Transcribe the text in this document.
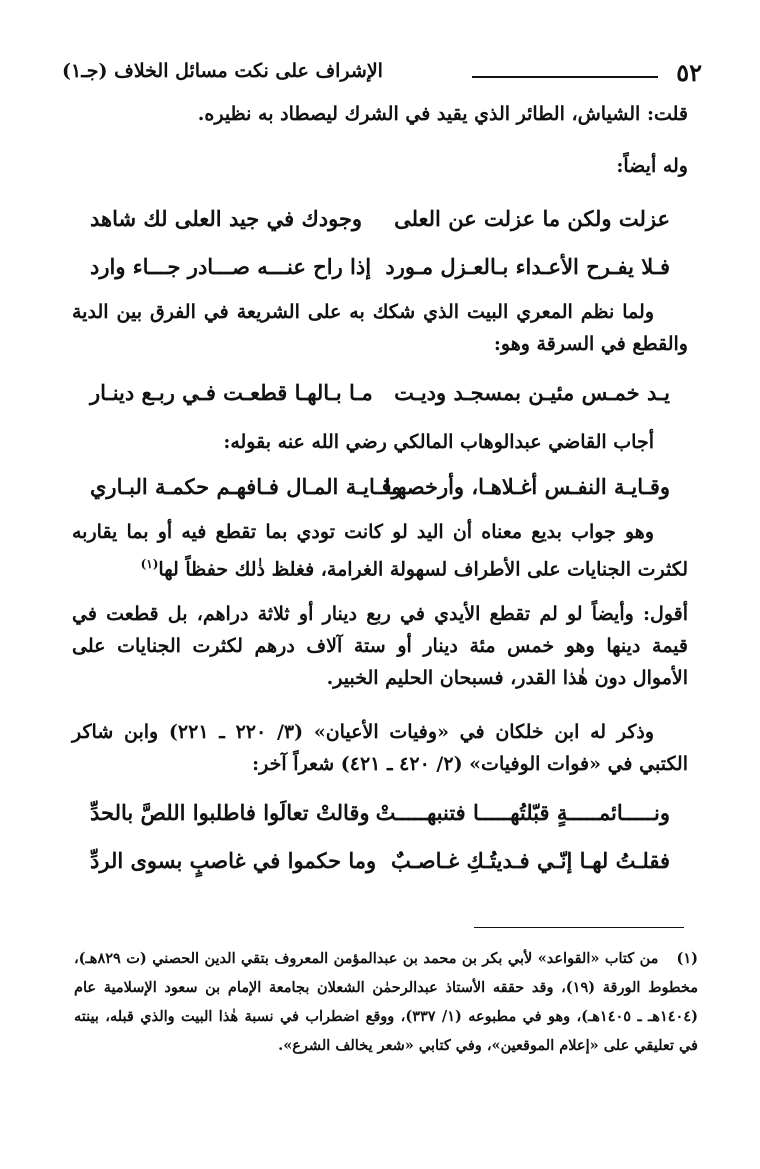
٥٢
الإشراف على نكت مسائل الخلاف (جـ١)

قلت: الشياش، الطائر الذي يقيد في الشرك ليصطاد به نظيره.

وله أيضاً:

عزلت ولكن ما عزلت عن العلى
وجودك في جيد العلى لك شاهد
فـلا يفـرح الأعـداء بـالعـزل مـورد
إذا راح عنـــه صـــادر جـــاء وارد

ولما نظم المعري البيت الذي شكك به على الشريعة في الفرق بين الدية والقطع في السرقة وهو:

يـد خمـس مئيـن بمسجـد وديـت
مـا بـالهـا قطعـت فـي ربـع دينـار

أجاب القاضي عبدالوهاب المالكي رضي الله عنه بقوله:

وقـايـة النفـس أغـلاهـا، وأرخصهـا
وقـايـة المـال فـافهـم حكمـة البـاري

وهو جواب بديع معناه أن اليد لو كانت تودي بما تقطع فيه أو بما يقاربه لكثرت الجنايات على الأطراف لسهولة الغرامة، فغلظ ذٰلك حفظاً لها$^{(١)}$

أقول: وأيضاً لو لم تقطع الأيدي في ربع دينار أو ثلاثة دراهم، بل قطعت في قيمة دينها وهو خمس مئة دينار أو ستة آلاف درهم لكثرت الجنايات على الأموال دون هٰذا القدر، فسبحان الحليم الخبير.

وذكر له ابن خلكان في «وفيات الأعيان» (٣/ ٢٢٠ ـ ٢٢١) وابن شاكر الكتبي في «فوات الوفيات» (٢/ ٤٢٠ ـ ٤٢١) شعراً آخر:

ونـــــائمـــــةٍ قبّلتُهـــــا فتنبهـــــتْ
وقالتْ تعالَوا فاطلبوا اللصَّ بالحدِّ
فقلـتُ لهـا إنّـي فـديتُـكِ غـاصـبٌ
وما حكموا في غاصبٍ بسوى الردِّ
(١)
من كتاب «القواعد» لأبي بكر بن محمد بن عبدالمؤمن المعروف بتقي الدين الحصني (ت ٨٢٩هـ)، مخطوط الورقة (١٩)، وقد حققه الأستاذ عبدالرحمٰن الشعلان بجامعة الإمام بن سعود الإسلامية عام (١٤٠٤هـ ـ ١٤٠٥هـ)، وهو في مطبوعه (١/ ٣٣٧)، ووقع اضطراب في نسبة هٰذا البيت والذي قبله، بينته في تعليقي على «إعلام الموقعين»، وفي كتابي «شعر يخالف الشرع».
